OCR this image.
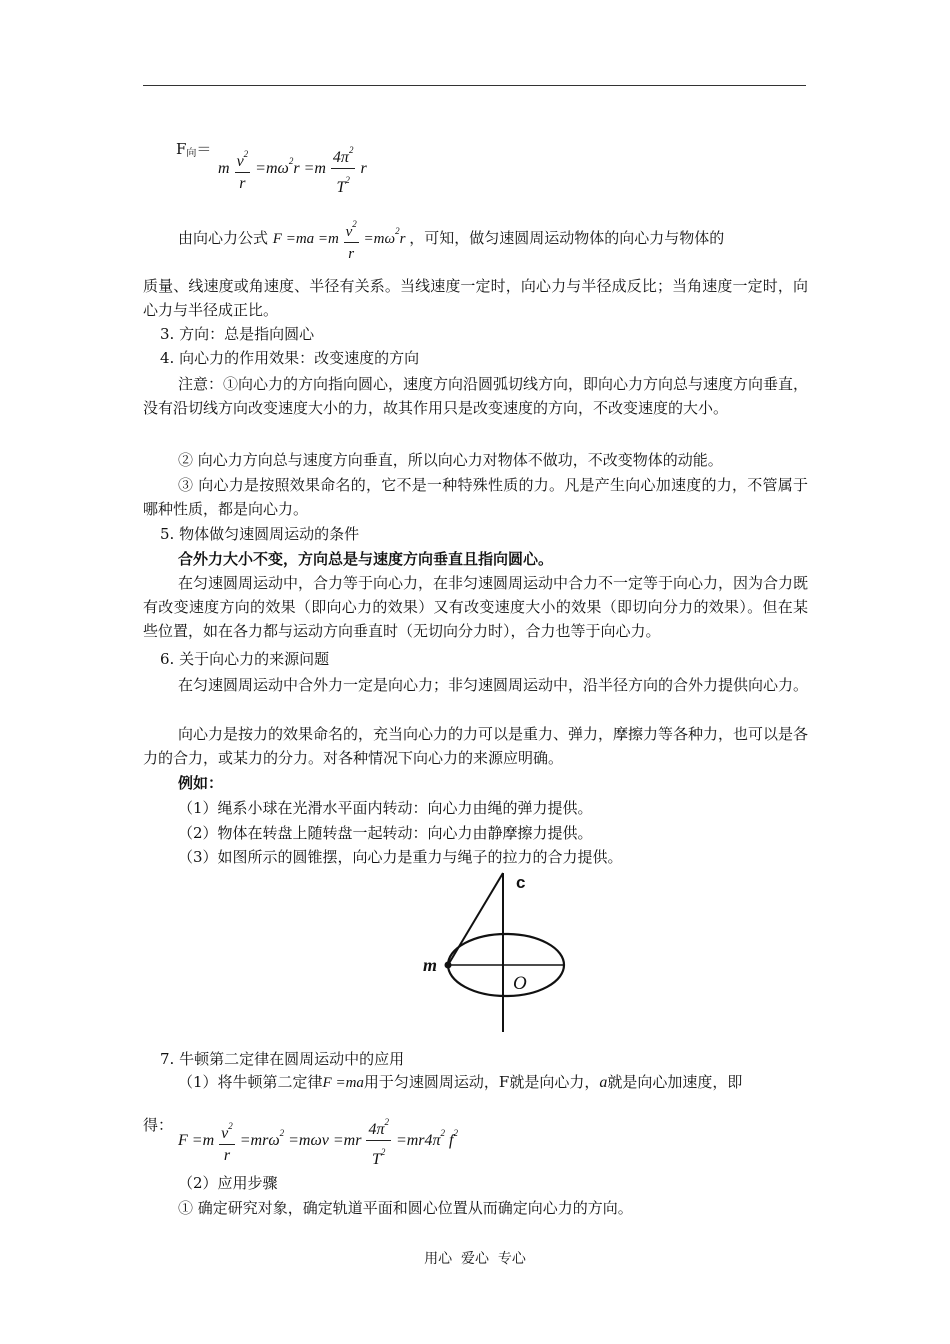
$F_向=$
m $\frac{v^2}{r} =m\omega^2r =m \frac{4\pi^2}{T^2}$ r
由向心力公式 $F =ma =m \frac{v^2}{r} =m\omega^2r$ ，可知，做匀速圆周运动物体的向心力与物体的
质量、线速度或角速度、半径有关系。当线速度一定时，向心力与半径成反比；当角速度一定时，向心力与半径成正比。
3. 方向：总是指向圆心
4. 向心力的作用效果：改变速度的方向
注意：①向心力的方向指向圆心，速度方向沿圆弧切线方向，即向心力方向总与速度方向垂直，没有沿切线方向改变速度大小的力，故其作用只是改变速度的方向，不改变速度的大小。
② 向心力方向总与速度方向垂直，所以向心力对物体不做功，不改变物体的动能。
③ 向心力是按照效果命名的，它不是一种特殊性质的力。凡是产生向心加速度的力，不管属于哪种性质，都是向心力。
5. 物体做匀速圆周运动的条件
合外力大小不变，方向总是与速度方向垂直且指向圆心。
在匀速圆周运动中，合力等于向心力，在非匀速圆周运动中合力不一定等于向心力，因为合力既有改变速度方向的效果（即向心力的效果）又有改变速度大小的效果（即切向分力的效果）。但在某些位置，如在各力都与运动方向垂直时（无切向分力时），合力也等于向心力。
6. 关于向心力的来源问题
在匀速圆周运动中合外力一定是向心力；非匀速圆周运动中，沿半径方向的合外力提供向心力。
向心力是按力的效果命名的，充当向心力的力可以是重力、弹力，摩擦力等各种力，也可以是各力的合力，或某力的分力。对各种情况下向心力的来源应明确。
例如：
（1）绳系小球在光滑水平面内转动：向心力由绳的弹力提供。
（2）物体在转盘上随转盘一起转动：向心力由静摩擦力提供。
（3）如图所示的圆锥摆，向心力是重力与绳子的拉力的合力提供。
c
m
O
7. 牛顿第二定律在圆周运动中的应用
（1）将牛顿第二定律F =ma用于匀速圆周运动，F就是向心力，a就是向心加速度，即
得：
$F =m \frac{v^2}{r} =mr\omega^2 =m\omega v =mr \frac{4\pi^2}{T^2} =mr4\pi^2$ $f^2$
（2）应用步骤
① 确定研究对象，确定轨道平面和圆心位置从而确定向心力的方向。
用心  爱心  专心
